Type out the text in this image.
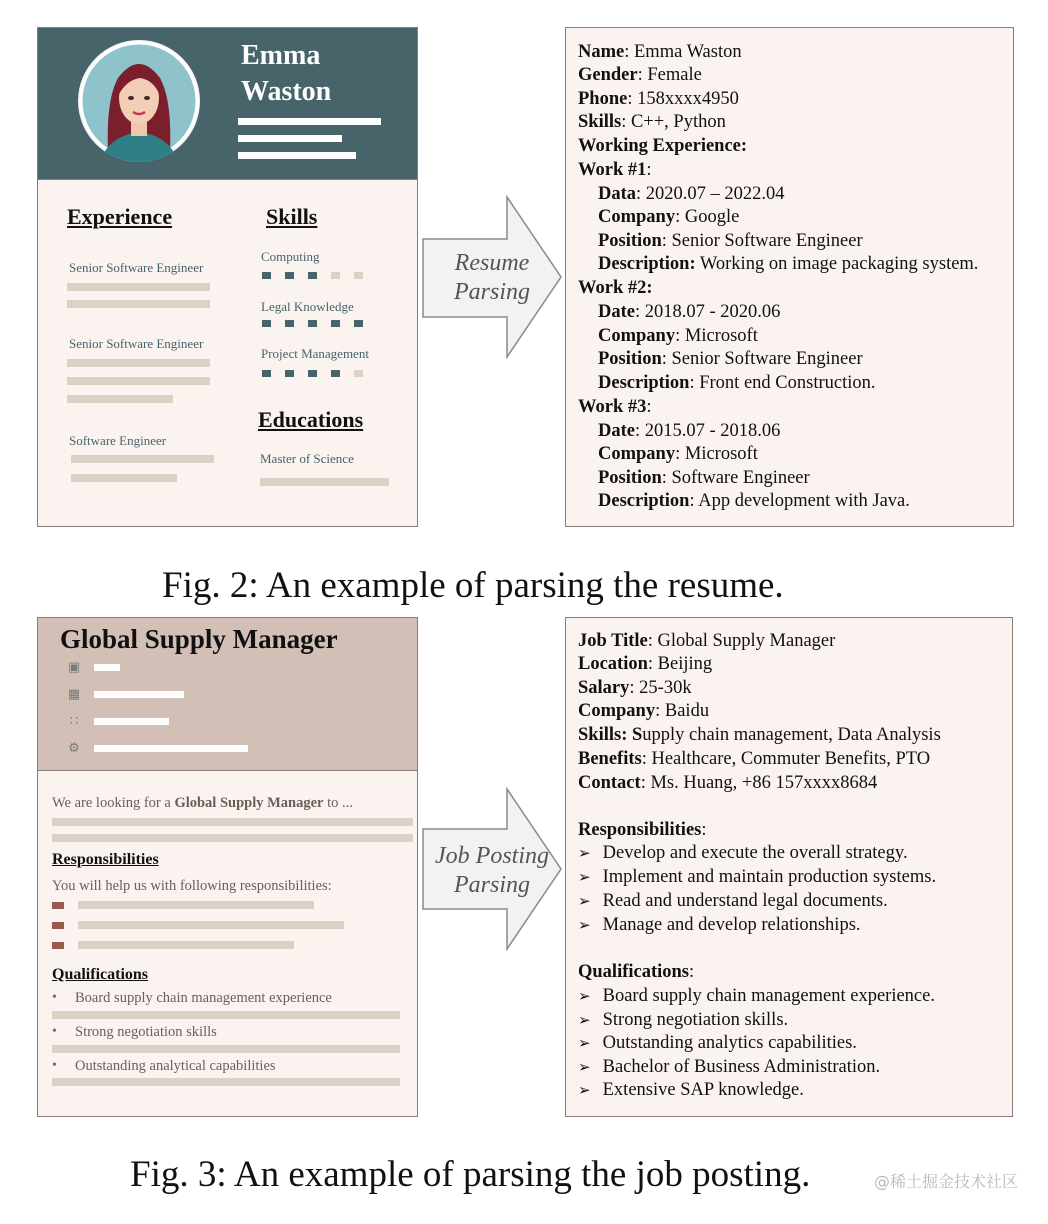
Emma
Waston
Experience
Senior Software Engineer
Senior Software Engineer
Software Engineer
Skills
Computing
Legal Knowledge
Project Management
Educations
Master of Science
Resume
Parsing
Name: Emma Waston
Gender: Female
Phone: 158xxxx4950
Skills: C++, Python
Working Experience:
Work #1:
Data: 2020.07 – 2022.04
Company: Google
Position: Senior Software Engineer
Description: Working on image packaging system.
Work #2:
Date: 2018.07 - 2020.06
Company: Microsoft
Position: Senior Software Engineer
Description: Front end Construction.
Work #3:
Date: 2015.07 - 2018.06
Company: Microsoft
Position: Software Engineer
Description: App development with Java.
Fig. 2: An example of parsing the resume.
Global Supply Manager
▣
▦
∷
⚙
We are looking for a Global Supply Manager to ...
Responsibilities
You will help us with following responsibilities:
Qualifications
• Board supply chain management experience
• Strong negotiation skills
• Outstanding analytical capabilities
Job Posting
Parsing
Job Title: Global Supply Manager
Location: Beijing
Salary: 25-30k
Company: Baidu
Skills: Supply chain management, Data Analysis
Benefits: Healthcare, Commuter Benefits, PTO
Contact: Ms. Huang, +86 157xxxx8684
Responsibilities:
➢ Develop and execute the overall strategy.
➢ Implement and maintain production systems.
➢ Read and understand legal documents.
➢ Manage and develop relationships.
Qualifications:
➢ Board supply chain management experience.
➢ Strong negotiation skills.
➢ Outstanding analytics capabilities.
➢ Bachelor of Business Administration.
➢ Extensive SAP knowledge.
Fig. 3: An example of parsing the job posting.	@稀土掘金技术社区
